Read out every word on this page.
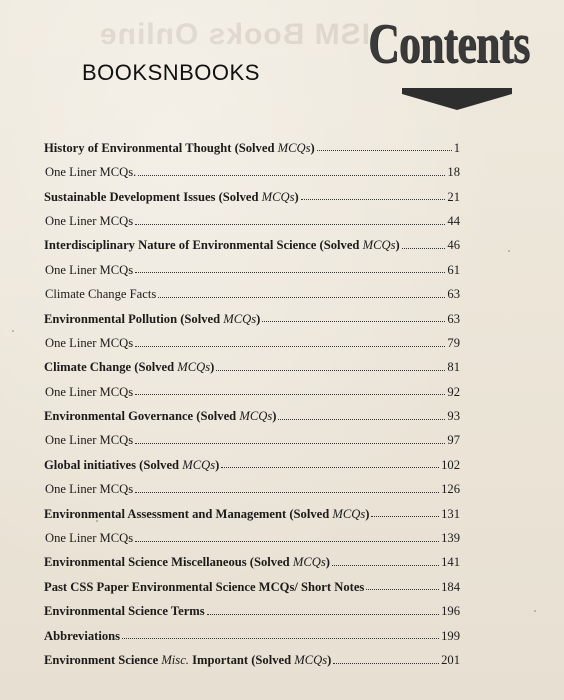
ISM Books Online
BOOKSNBOOKS Contents
History of Environmental Thought (Solved MCQs)	1
One Liner MCQs.	18
Sustainable Development Issues (Solved MCQs)	21
One Liner MCQs	44
Interdisciplinary Nature of Environmental Science (Solved MCQs)	46
One Liner MCQs	61
Climate Change Facts	63
Environmental Pollution (Solved MCQs)	63
One Liner MCQs	79
Climate Change (Solved MCQs)	81
One Liner MCQs	92
Environmental Governance (Solved MCQs)	93
One Liner MCQs	97
Global initiatives (Solved MCQs)	102
One Liner MCQs	126
Environmental Assessment and Management (Solved MCQs)	131
One Liner MCQs	139
Environmental Science Miscellaneous (Solved MCQs)	141
Past CSS Paper Environmental Science MCQs/ Short Notes	184
Environmental Science Terms	196
Abbreviations	199
Environment Science Misc. Important (Solved MCQs)	201
